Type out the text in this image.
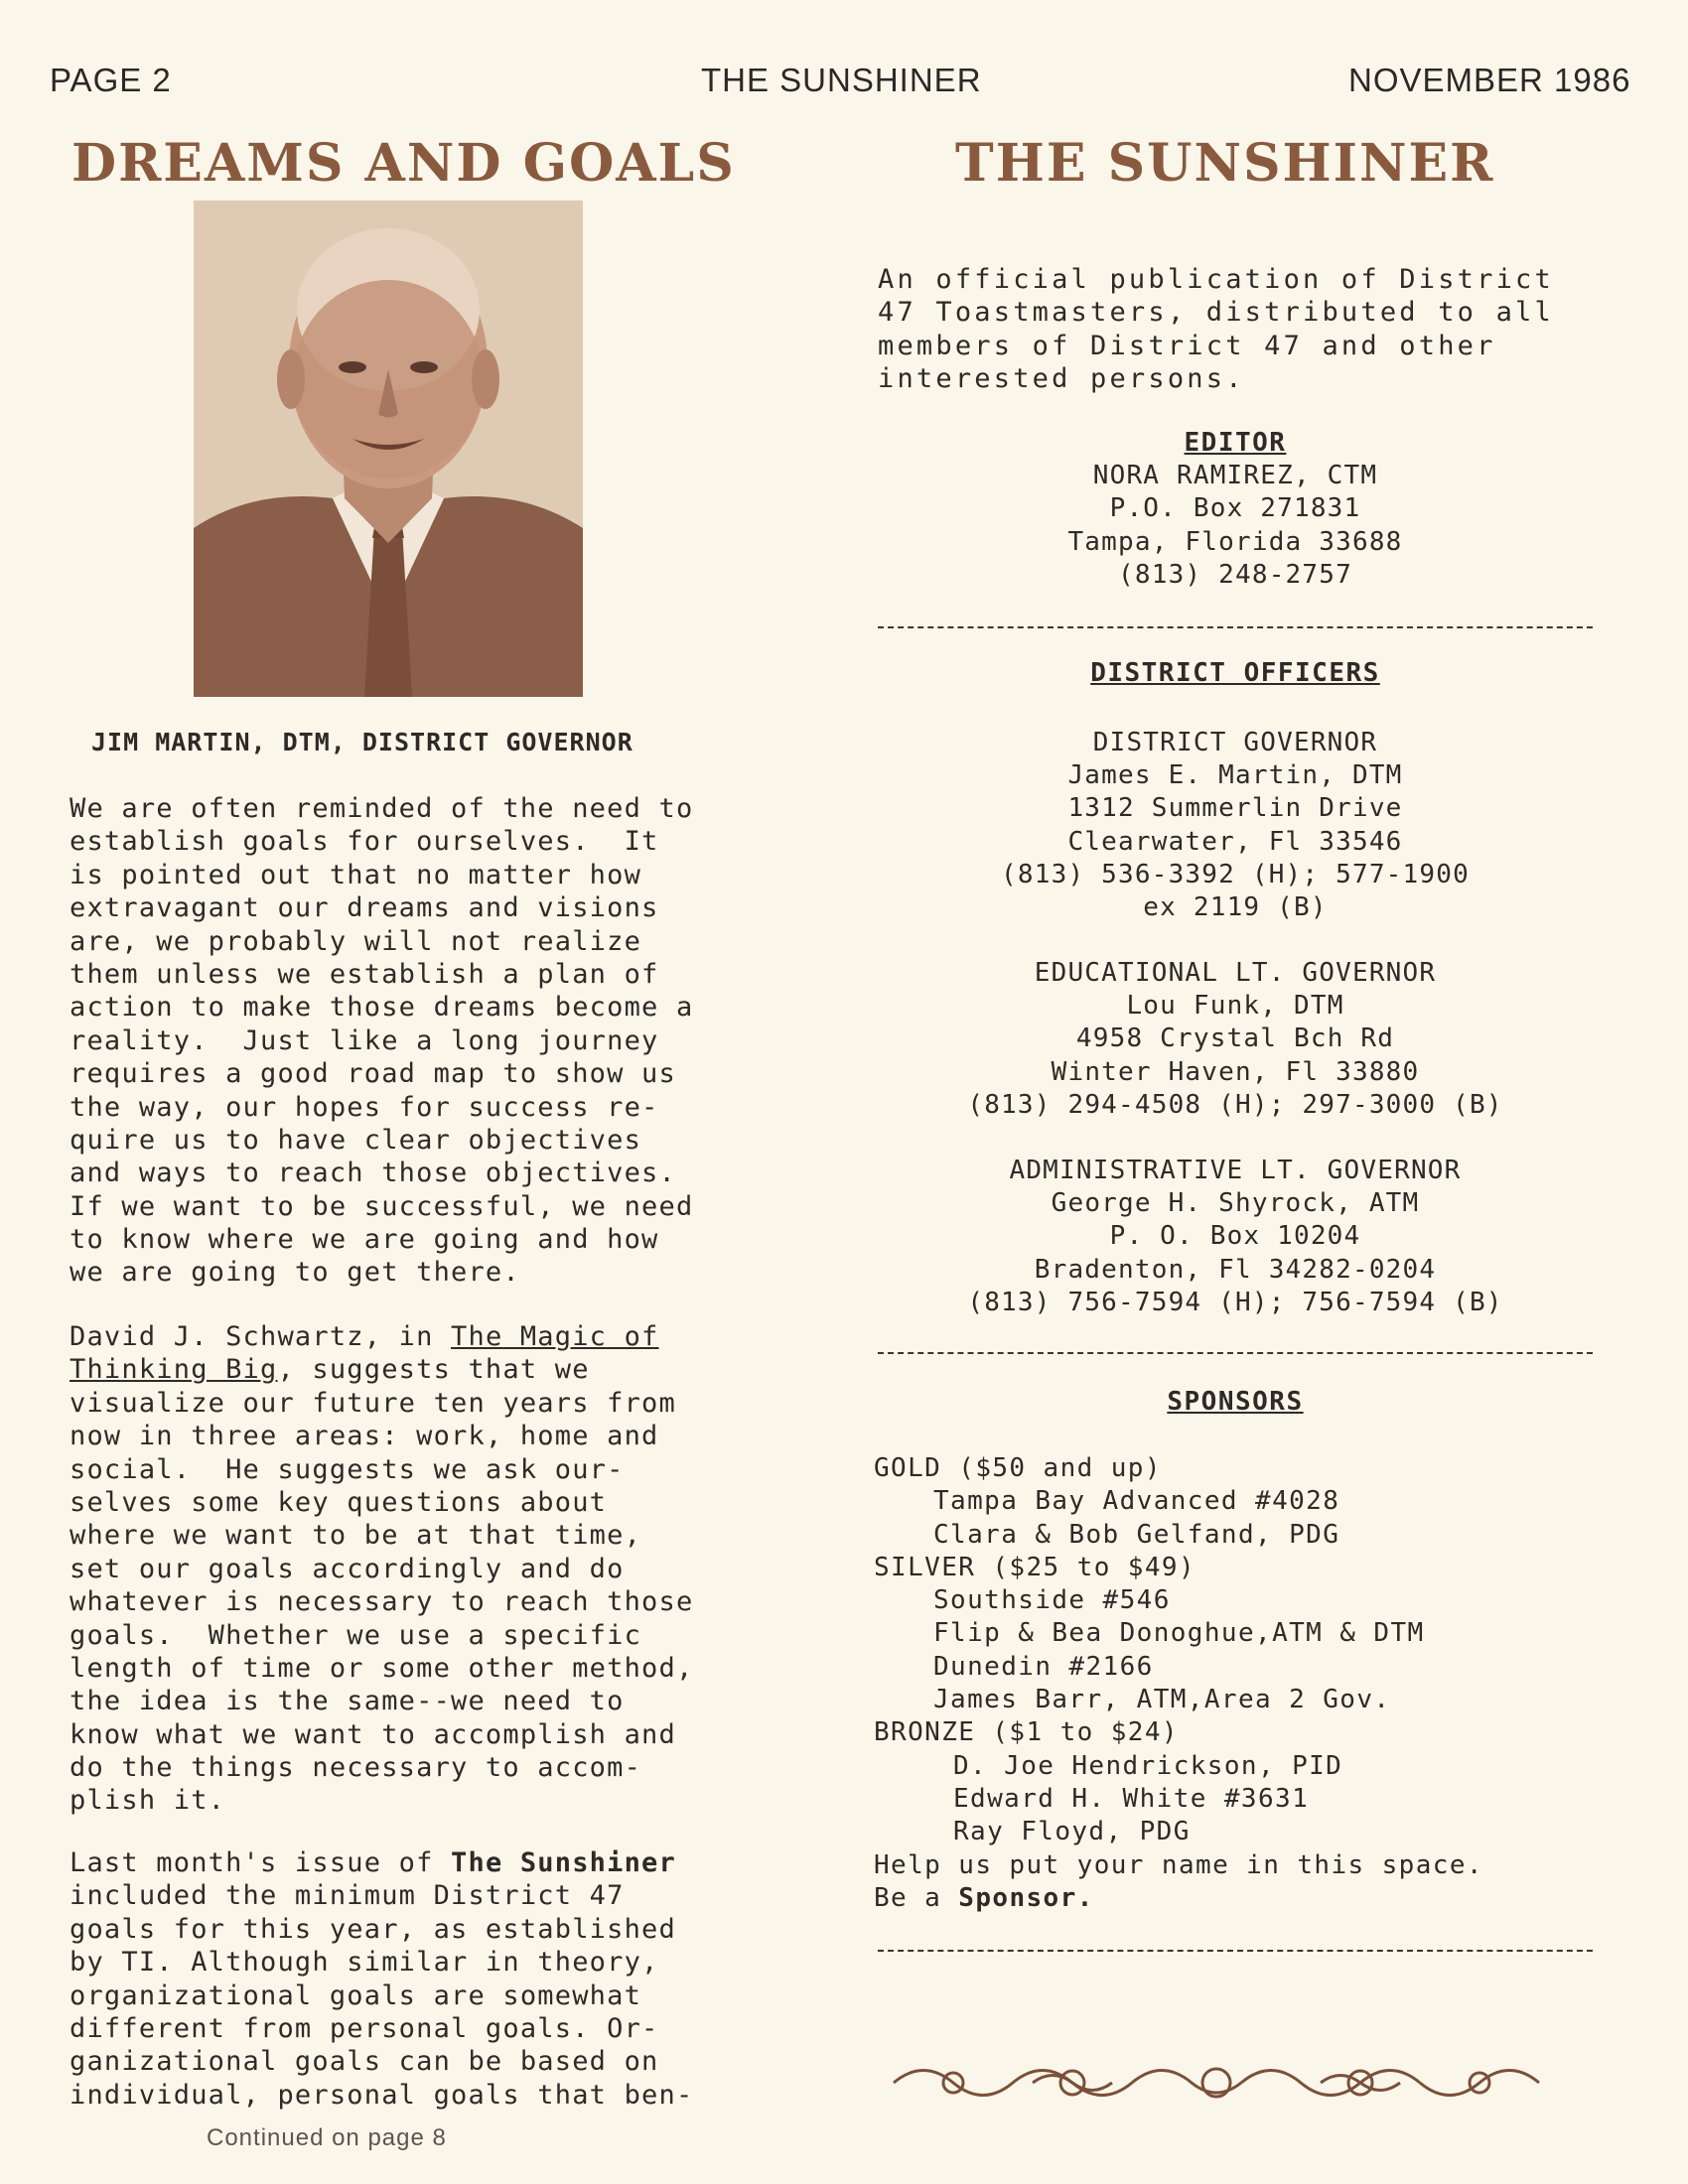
PAGE 2	THE SUNSHINER	NOVEMBER 1986
DREAMS AND GOALS	THE SUNSHINER
JIM MARTIN, DTM, DISTRICT GOVERNOR
We are often reminded of the need to
establish goals for ourselves.  It
is pointed out that no matter how
extravagant our dreams and visions
are, we probably will not realize
them unless we establish a plan of
action to make those dreams become a
reality.  Just like a long journey
requires a good road map to show us
the way, our hopes for success re-
quire us to have clear objectives
and ways to reach those objectives.
If we want to be successful, we need
to know where we are going and how
we are going to get there.
David J. Schwartz, in The Magic of
Thinking Big, suggests that we
visualize our future ten years from
now in three areas: work, home and
social.  He suggests we ask our-
selves some key questions about
where we want to be at that time,
set our goals accordingly and do
whatever is necessary to reach those
goals.  Whether we use a specific
length of time or some other method,
the idea is the same--we need to
know what we want to accomplish and
do the things necessary to accom-
plish it.
Last month's issue of The Sunshiner
included the minimum District 47
goals for this year, as established
by TI. Although similar in theory,
organizational goals are somewhat
different from personal goals. Or-
ganizational goals can be based on
individual, personal goals that ben-
Continued on page 8
An official publication of District
47 Toastmasters, distributed to all
members of District 47 and other
interested persons.
EDITOR
NORA RAMIREZ, CTM
P.O. Box 271831
Tampa, Florida 33688
(813) 248-2757
DISTRICT OFFICERS
DISTRICT GOVERNOR
James E. Martin, DTM
1312 Summerlin Drive
Clearwater, Fl 33546
(813) 536-3392 (H); 577-1900
ex 2119 (B)
EDUCATIONAL LT. GOVERNOR
Lou Funk, DTM
4958 Crystal Bch Rd
Winter Haven, Fl 33880
(813) 294-4508 (H); 297-3000 (B)
ADMINISTRATIVE LT. GOVERNOR
George H. Shyrock, ATM
P. O. Box 10204
Bradenton, Fl 34282-0204
(813) 756-7594 (H); 756-7594 (B)
SPONSORS
GOLD ($50 and up)
Tampa Bay Advanced #4028
Clara & Bob Gelfand, PDG
SILVER ($25 to $49)
Southside #546
Flip & Bea Donoghue,ATM & DTM
Dunedin #2166
James Barr, ATM,Area 2 Gov.
BRONZE ($1 to $24)
D. Joe Hendrickson, PID
Edward H. White #3631
Ray Floyd, PDG
Help us put your name in this space.
Be a Sponsor.
